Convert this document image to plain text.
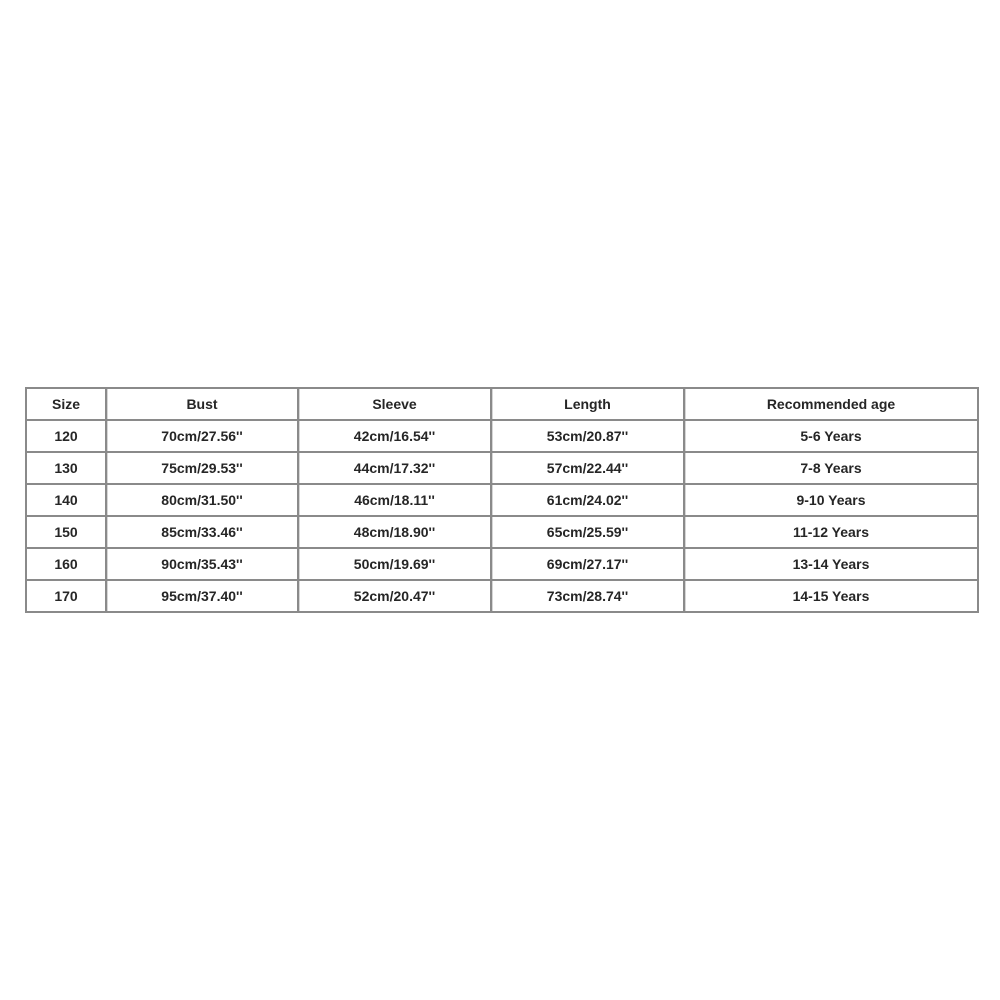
Size	Bust	Sleeve	Length	Recommended age
120	70cm/27.56''	42cm/16.54''	53cm/20.87''	5-6 Years
130	75cm/29.53''	44cm/17.32''	57cm/22.44''	7-8 Years
140	80cm/31.50''	46cm/18.11''	61cm/24.02''	9-10 Years
150	85cm/33.46''	48cm/18.90''	65cm/25.59''	11-12 Years
160	90cm/35.43''	50cm/19.69''	69cm/27.17''	13-14 Years
170	95cm/37.40''	52cm/20.47''	73cm/28.74''	14-15 Years
